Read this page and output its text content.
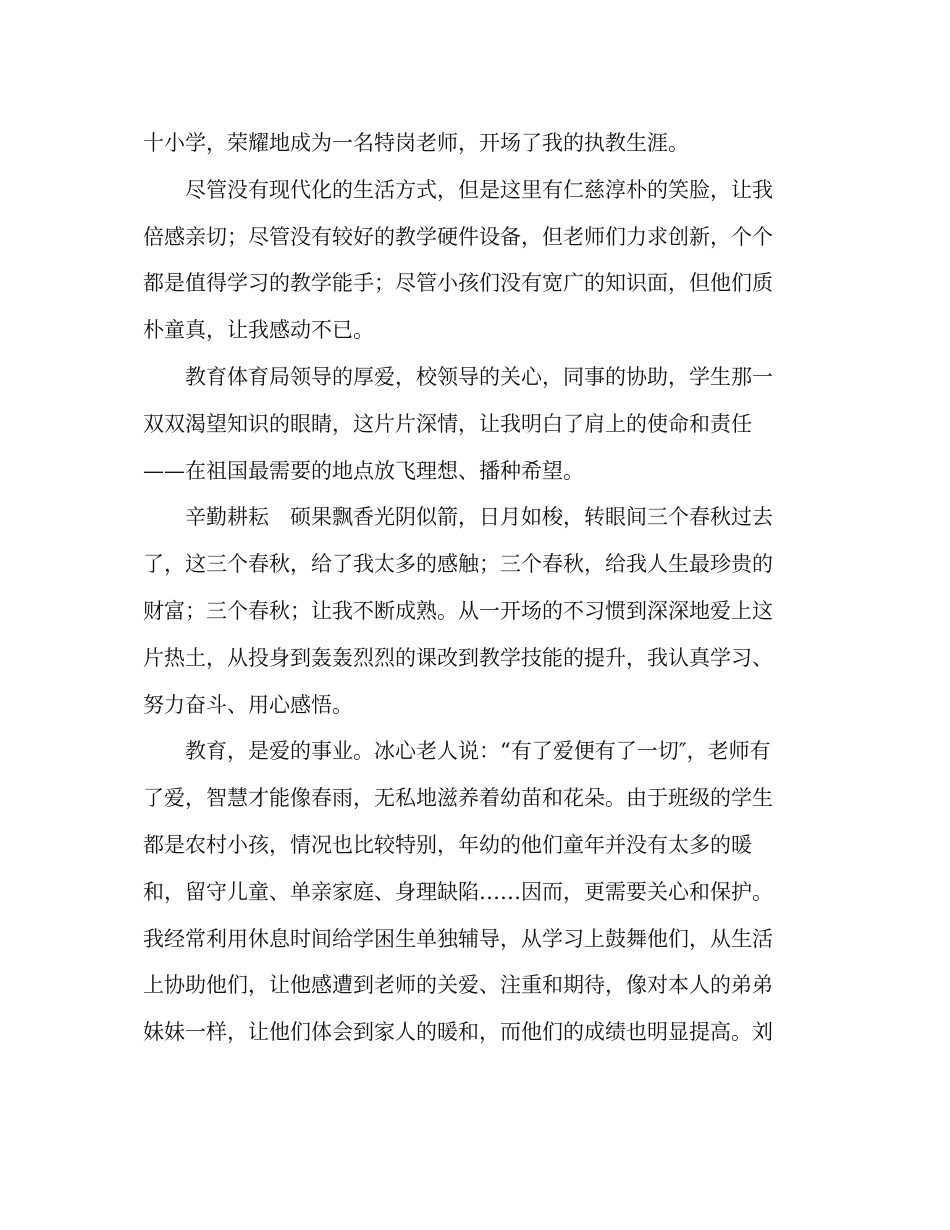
十小学，荣耀地成为一名特岗老师，开场了我的执教生涯。
尽管没有现代化的生活方式，但是这里有仁慈淳朴的笑脸，让我
倍感亲切；尽管没有较好的教学硬件设备，但老师们力求创新，个个
都是值得学习的教学能手；尽管小孩们没有宽广的知识面，但他们质
朴童真，让我感动不已。
教育体育局领导的厚爱，校领导的关心，同事的协助，学生那一
双双渴望知识的眼睛，这片片深情，让我明白了肩上的使命和责任
——在祖国最需要的地点放飞理想、播种希望。
辛勤耕耘　硕果飘香光阴似箭，日月如梭，转眼间三个春秋过去
了，这三个春秋，给了我太多的感触；三个春秋，给我人生最珍贵的
财富；三个春秋；让我不断成熟。从一开场的不习惯到深深地爱上这
片热土，从投身到轰轰烈烈的课改到教学技能的提升，我认真学习、
努力奋斗、用心感悟。
教育，是爱的事业。冰心老人说：“有了爱便有了一切″，老师有
了爱，智慧才能像春雨，无私地滋养着幼苗和花朵。由于班级的学生
都是农村小孩，情况也比较特别，年幼的他们童年并没有太多的暖
和，留守儿童、单亲家庭、身理缺陷……因而，更需要关心和保护。
我经常利用休息时间给学困生单独辅导，从学习上鼓舞他们，从生活
上协助他们，让他感遭到老师的关爱、注重和期待，像对本人的弟弟
妹妹一样，让他们体会到家人的暖和，而他们的成绩也明显提高。刘
